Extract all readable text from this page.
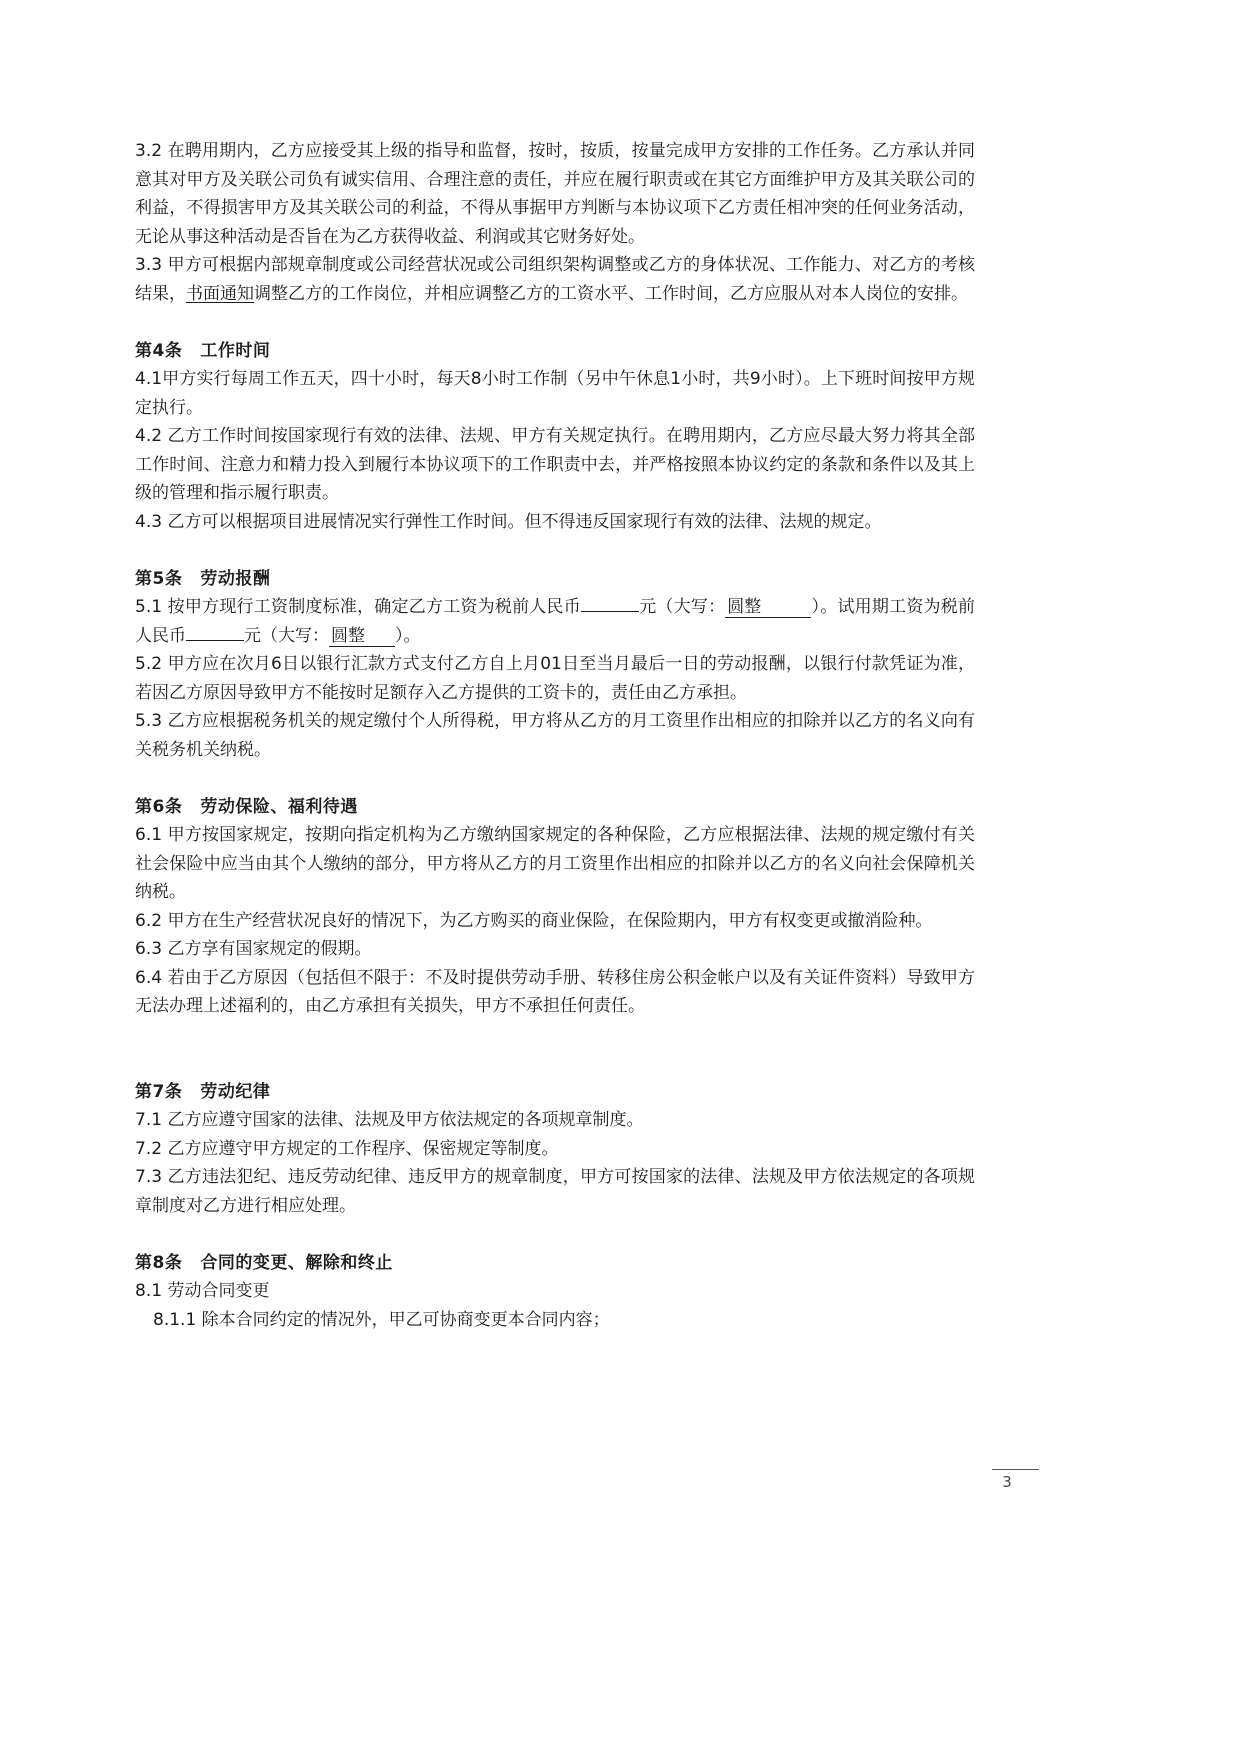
3.2 在聘用期内，乙方应接受其上级的指导和监督，按时，按质，按量完成甲方安排的工作任务。乙方承认并同意其对甲方及关联公司负有诚实信用、合理注意的责任，并应在履行职责或在其它方面维护甲方及其关联公司的利益，不得损害甲方及其关联公司的利益，不得从事据甲方判断与本协议项下乙方责任相冲突的任何业务活动，无论从事这种活动是否旨在为乙方获得收益、利润或其它财务好处。

3.3 甲方可根据内部规章制度或公司经营状况或公司组织架构调整或乙方的身体状况、工作能力、对乙方的考核结果，书面通知调整乙方的工作岗位，并相应调整乙方的工资水平、工作时间，乙方应服从对本人岗位的安排。

第4条 工作时间

4.1甲方实行每周工作五天，四十小时，每天8小时工作制（另中午休息1小时，共9小时）。上下班时间按甲方规定执行。

4.2 乙方工作时间按国家现行有效的法律、法规、甲方有关规定执行。在聘用期内，乙方应尽最大努力将其全部工作时间、注意力和精力投入到履行本协议项下的工作职责中去，并严格按照本协议约定的条款和条件以及其上级的管理和指示履行职责。

4.3 乙方可以根据项目进展情况实行弹性工作时间。但不得违反国家现行有效的法律、法规的规定。

第5条 劳动报酬

5.1 按甲方现行工资制度标准，确定乙方工资为税前人民币	元（大写： 圆整	）。试用期工资为税前人民币	元（大写： 圆整 ）。

5.2 甲方应在次月6日以银行汇款方式支付乙方自上月01日至当月最后一日的劳动报酬，以银行付款凭证为准，若因乙方原因导致甲方不能按时足额存入乙方提供的工资卡的，责任由乙方承担。

5.3 乙方应根据税务机关的规定缴付个人所得税，甲方将从乙方的月工资里作出相应的扣除并以乙方的名义向有关税务机关纳税。

第6条 劳动保险、福利待遇

6.1 甲方按国家规定，按期向指定机构为乙方缴纳国家规定的各种保险，乙方应根据法律、法规的规定缴付有关社会保险中应当由其个人缴纳的部分，甲方将从乙方的月工资里作出相应的扣除并以乙方的名义向社会保障机关纳税。

6.2 甲方在生产经营状况良好的情况下，为乙方购买的商业保险，在保险期内，甲方有权变更或撤消险种。

6.3 乙方享有国家规定的假期。

6.4 若由于乙方原因（包括但不限于：不及时提供劳动手册、转移住房公积金帐户以及有关证件资料）导致甲方无法办理上述福利的，由乙方承担有关损失，甲方不承担任何责任。

第7条 劳动纪律

7.1 乙方应遵守国家的法律、法规及甲方依法规定的各项规章制度。

7.2 乙方应遵守甲方规定的工作程序、保密规定等制度。

7.3 乙方违法犯纪、违反劳动纪律、违反甲方的规章制度，甲方可按国家的法律、法规及甲方依法规定的各项规章制度对乙方进行相应处理。

第8条 合同的变更、解除和终止

8.1 劳动合同变更

8.1.1 除本合同约定的情况外，甲乙可协商变更本合同内容；

3
